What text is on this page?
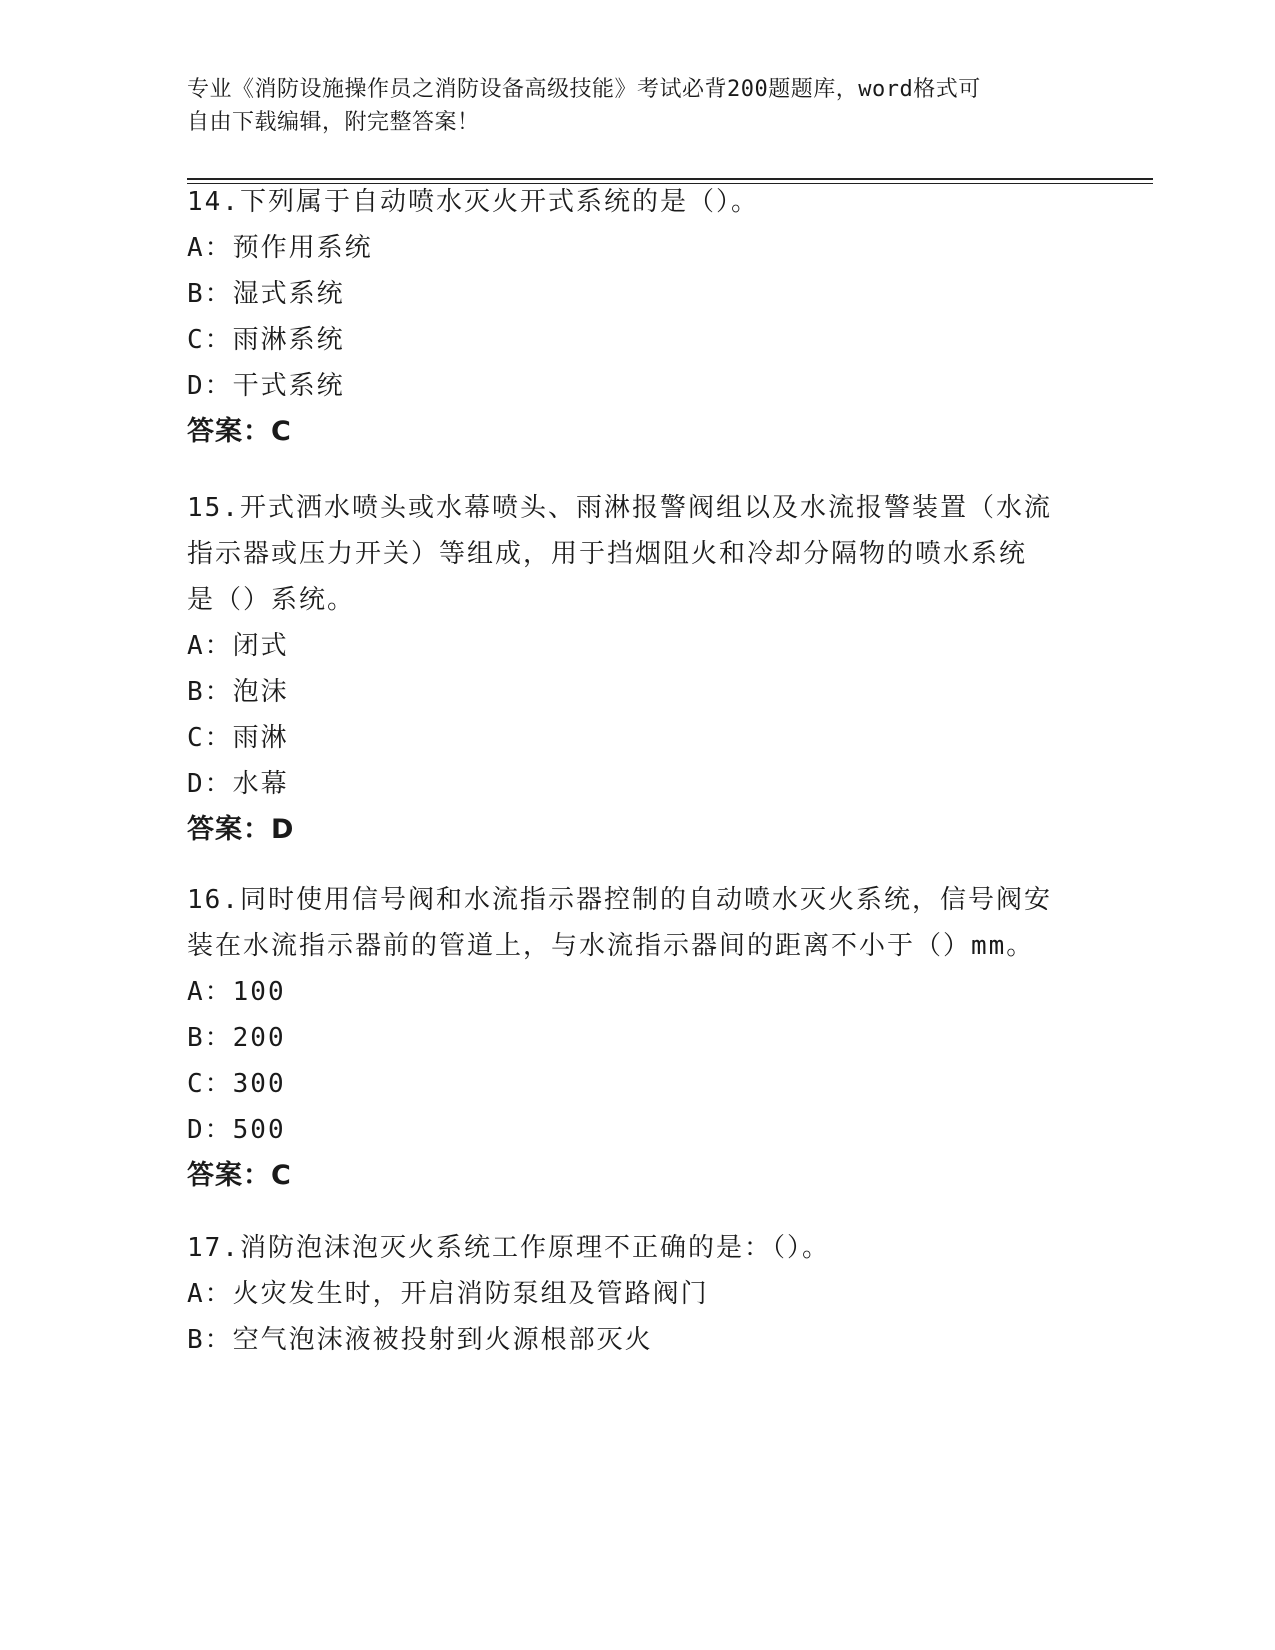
专业《消防设施操作员之消防设备高级技能》考试必背200题题库，word格式可
自由下载编辑，附完整答案！
14.下列属于自动喷水灭火开式系统的是（）。
A：预作用系统
B：湿式系统
C：雨淋系统
D：干式系统
答案：C
15.开式洒水喷头或水幕喷头、雨淋报警阀组以及水流报警装置（水流
指示器或压力开关）等组成，用于挡烟阻火和冷却分隔物的喷水系统
是（）系统。
A：闭式
B：泡沫
C：雨淋
D：水幕
答案：D
16.同时使用信号阀和水流指示器控制的自动喷水灭火系统，信号阀安
装在水流指示器前的管道上，与水流指示器间的距离不小于（）mm。
A：100
B：200
C：300
D：500
答案：C
17.消防泡沫泡灭火系统工作原理不正确的是：（）。
A：火灾发生时，开启消防泵组及管路阀门
B：空气泡沫液被投射到火源根部灭火
